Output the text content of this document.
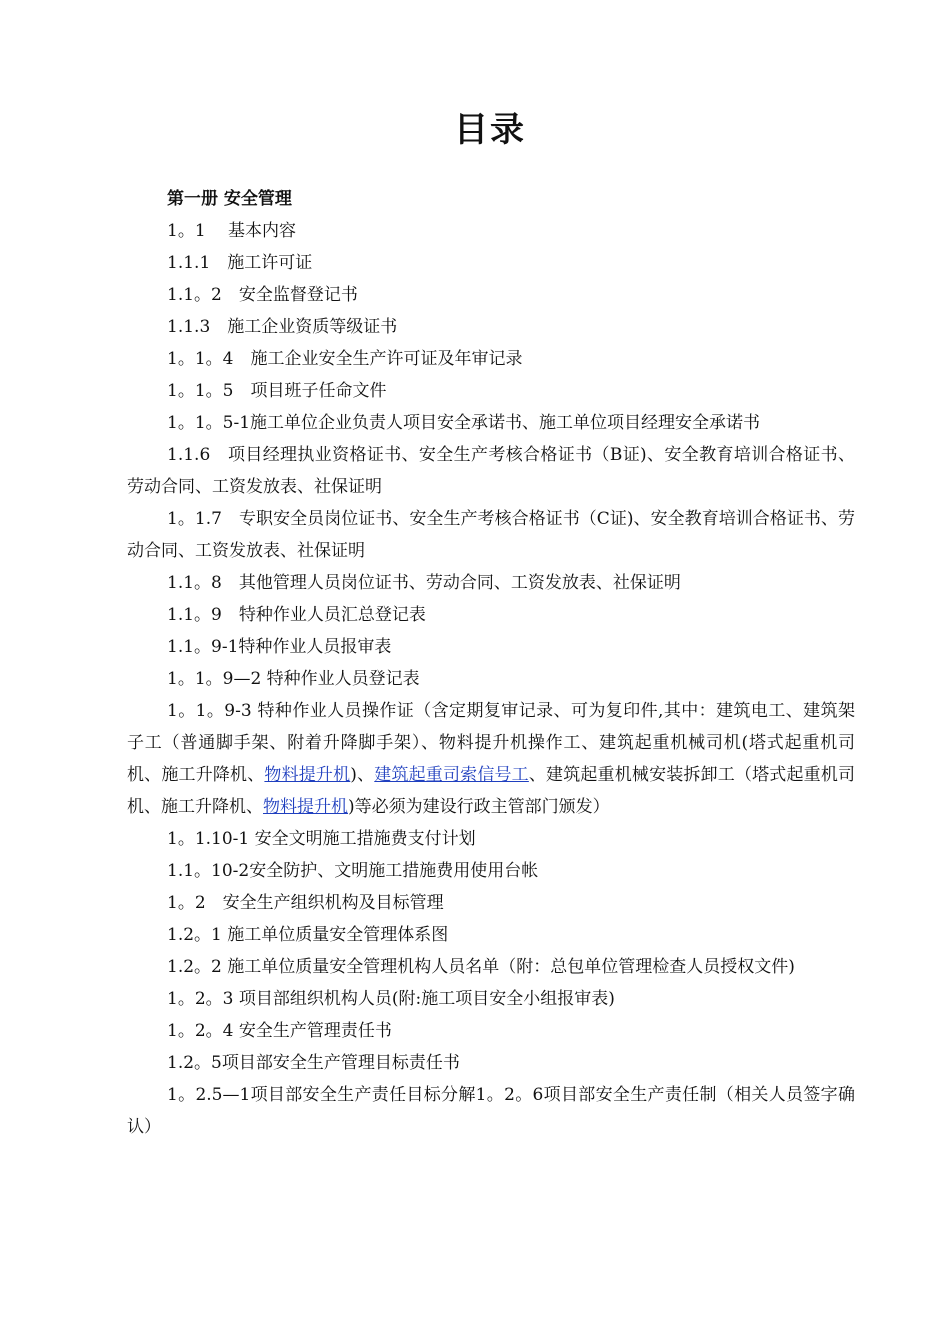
目录
第一册 安全管理
1。1　 基本内容
1.1.1　施工许可证
1.1。2　安全监督登记书
1.1.3　施工企业资质等级证书
1。1。4　施工企业安全生产许可证及年审记录
1。1。5　项目班子任命文件
1。1。5-1施工单位企业负责人项目安全承诺书、施工单位项目经理安全承诺书
1.1.6　项目经理执业资格证书、安全生产考核合格证书（B证)、安全教育培训合格证书、劳动合同、工资发放表、社保证明
1。1.7　专职安全员岗位证书、安全生产考核合格证书（C证)、安全教育培训合格证书、劳动合同、工资发放表、社保证明
1.1。8　其他管理人员岗位证书、劳动合同、工资发放表、社保证明
1.1。9　特种作业人员汇总登记表
1.1。9-1特种作业人员报审表
1。1。9—2 特种作业人员登记表
1。1。9-3 特种作业人员操作证（含定期复审记录、可为复印件,其中：建筑电工、建筑架子工（普通脚手架、附着升降脚手架）、物料提升机操作工、建筑起重机械司机(塔式起重机司机、施工升降机、物料提升机)、建筑起重司索信号工、建筑起重机械安装拆卸工（塔式起重机司机、施工升降机、物料提升机)等必须为建设行政主管部门颁发）
1。1.10-1 安全文明施工措施费支付计划
1.1。10-2安全防护、文明施工措施费用使用台帐
1。2　安全生产组织机构及目标管理
1.2。1 施工单位质量安全管理体系图
1.2。2 施工单位质量安全管理机构人员名单（附：总包单位管理检查人员授权文件)
1。2。3 项目部组织机构人员(附:施工项目安全小组报审表)
1。2。4 安全生产管理责任书
1.2。5项目部安全生产管理目标责任书
1。2.5—1项目部安全生产责任目标分解1。2。6项目部安全生产责任制（相关人员签字确认）
